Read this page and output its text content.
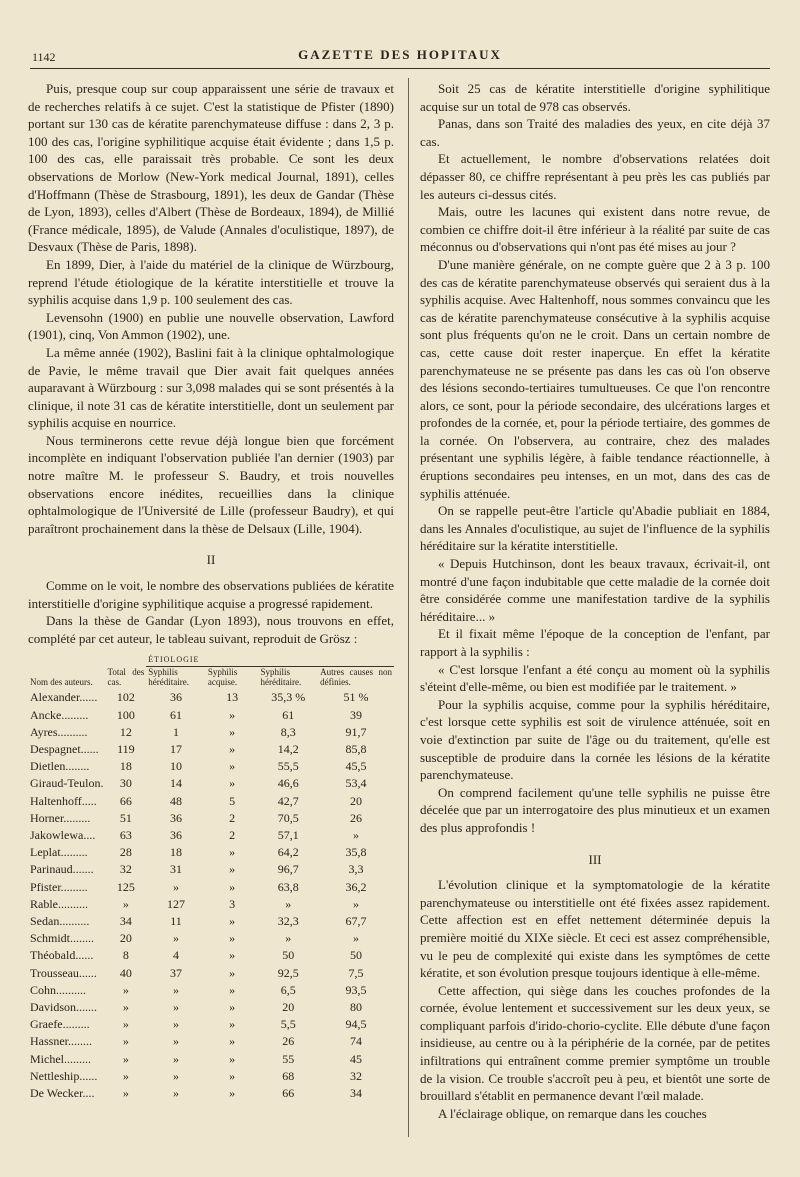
1142	GAZETTE DES HOPITAUX

Puis, presque coup sur coup apparaissent une série de travaux et de recherches relatifs à ce sujet. C'est la statistique de Pfister (1890) portant sur 130 cas de kératite parenchymateuse diffuse : dans 2, 3 p. 100 des cas, l'origine syphilitique acquise était évidente ; dans 1,5 p. 100 des cas, elle paraissait très probable. Ce sont les deux observations de Morlow (New-York medical Journal, 1891), celles d'Hoffmann (Thèse de Strasbourg, 1891), les deux de Gandar (Thèse de Lyon, 1893), celles d'Albert (Thèse de Bordeaux, 1894), de Millié (France médicale, 1895), de Valude (Annales d'oculistique, 1897), de Desvaux (Thèse de Paris, 1898).

En 1899, Dier, à l'aide du matériel de la clinique de Würzbourg, reprend l'étude étiologique de la kératite interstitielle et trouve la syphilis acquise dans 1,9 p. 100 seulement des cas.

Levensohn (1900) en publie une nouvelle observation, Lawford (1901), cinq, Von Ammon (1902), une.

La même année (1902), Baslini fait à la clinique ophtalmologique de Pavie, le même travail que Dier avait fait quelques années auparavant à Würzbourg : sur 3,098 malades qui se sont présentés à la clinique, il note 31 cas de kératite interstitielle, dont un seulement par syphilis acquise en nourrice.

Nous terminerons cette revue déjà longue bien que forcément incomplète en indiquant l'observation publiée l'an dernier (1903) par notre maître M. le professeur S. Baudry, et trois nouvelles observations encore inédites, recueillies dans la clinique ophtalmologique de l'Université de Lille (professeur Baudry), et qui paraîtront prochainement dans la thèse de Delsaux (Lille, 1904).

II

Comme on le voit, le nombre des observations publiées de kératite interstitielle d'origine syphilitique acquise a progressé rapidement.

Dans la thèse de Gandar (Lyon 1893), nous trouvons en effet, complété par cet auteur, le tableau suivant, reproduit de Grösz :

Nom des auteurs.	Total des cas.	ÉTIOLOGIE			
		Syphilis héréditaire.	Syphilis acquise.	Syphilis héréditaire.	Autres causes non définies.
Alexander......	102	36	13	35,3 %	51 %
Ancke.........	100	61	»	61	39
Ayres..........	12	1	»	8,3	91,7
Despagnet......	119	17	»	14,2	85,8
Dietlen........	18	10	»	55,5	45,5
Giraud-Teulon.	30	14	»	46,6	53,4
Haltenhoff.....	66	48	5	42,7	20
Horner.........	51	36	2	70,5	26
Jakowlewa....	63	36	2	57,1	»
Leplat.........	28	18	»	64,2	35,8
Parinaud.......	32	31	»	96,7	3,3
Pfister.........	125	»	»	63,8	36,2
Rable..........	»	127	3	»	»
Sedan..........	34	11	»	32,3	67,7
Schmidt........	20	»	»	»	»
Théobald......	8	4	»	50	50
Trousseau......	40	37	»	92,5	7,5
Cohn..........	»	»	»	6,5	93,5
Davidson.......	»	»	»	20	80
Graefe.........	»	»	»	5,5	94,5
Hassner........	»	»	»	26	74
Michel.........	»	»	»	55	45
Nettleship......	»	»	»	68	32
De Wecker....	»	»	»	66	34

Soit 25 cas de kératite interstitielle d'origine syphilitique acquise sur un total de 978 cas observés.

Panas, dans son Traité des maladies des yeux, en cite déjà 37 cas.

Et actuellement, le nombre d'observations relatées doit dépasser 80, ce chiffre représentant à peu près les cas publiés par les auteurs ci-dessus cités.

Mais, outre les lacunes qui existent dans notre revue, de combien ce chiffre doit-il être inférieur à la réalité par suite de cas méconnus ou d'observations qui n'ont pas été mises au jour ?

D'une manière générale, on ne compte guère que 2 à 3 p. 100 des cas de kératite parenchymateuse observés qui seraient dus à la syphilis acquise. Avec Haltenhoff, nous sommes convaincu que les cas de kératite parenchymateuse consécutive à la syphilis acquise sont plus fréquents qu'on ne le croit. Dans un certain nombre de cas, cette cause doit rester inaperçue. En effet la kératite parenchymateuse ne se présente pas dans les cas où l'on observe des lésions secondo-tertiaires tumultueuses. Ce que l'on rencontre alors, ce sont, pour la période secondaire, des ulcérations larges et profondes de la cornée, et, pour la période tertiaire, des gommes de la cornée. On l'observera, au contraire, chez des malades présentant une syphilis légère, à faible tendance réactionnelle, à éruptions secondaires peu intenses, en un mot, dans des cas de syphilis atténuée.

On se rappelle peut-être l'article qu'Abadie publiait en 1884, dans les Annales d'oculistique, au sujet de l'influence de la syphilis héréditaire sur la kératite interstitielle.

« Depuis Hutchinson, dont les beaux travaux, écrivait-il, ont montré d'une façon indubitable que cette maladie de la cornée doit être considérée comme une manifestation tardive de la syphilis héréditaire... »

Et il fixait même l'époque de la conception de l'enfant, par rapport à la syphilis :

« C'est lorsque l'enfant a été conçu au moment où la syphilis s'éteint d'elle-même, ou bien est modifiée par le traitement. »

Pour la syphilis acquise, comme pour la syphilis héréditaire, c'est lorsque cette syphilis est soit de virulence atténuée, soit en voie d'extinction par suite de l'âge ou du traitement, qu'elle est susceptible de produire dans la cornée les lésions de la kératite parenchymateuse.

On comprend facilement qu'une telle syphilis ne puisse être décelée que par un interrogatoire des plus minutieux et un examen des plus approfondis !

III

L'évolution clinique et la symptomatologie de la kératite parenchymateuse ou interstitielle ont été fixées assez rapidement. Cette affection est en effet nettement déterminée depuis la première moitié du XIXe siècle. Et ceci est assez compréhensible, vu le peu de complexité qui existe dans les symptômes de cette kératite, et son évolution presque toujours identique à elle-même.

Cette affection, qui siège dans les couches profondes de la cornée, évolue lentement et successivement sur les deux yeux, se compliquant parfois d'irido-chorio-cyclite. Elle débute d'une façon insidieuse, au centre ou à la périphérie de la cornée, par de petites infiltrations qui entraînent comme premier symptôme un trouble de la vision. Ce trouble s'accroît peu à peu, et bientôt une sorte de brouillard s'établit en permanence devant l'œil malade.

A l'éclairage oblique, on remarque dans les couches
